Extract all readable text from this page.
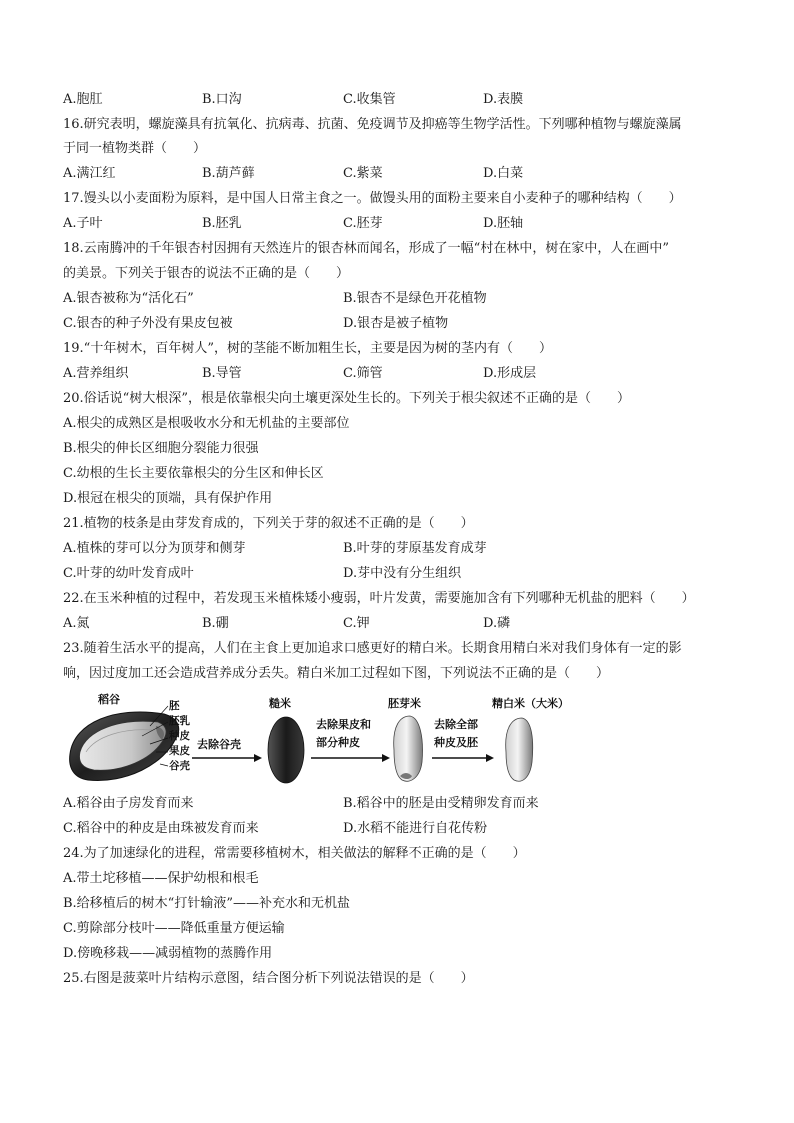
A.胞肛	B.口沟	C.收集管	D.表膜
16.研究表明，螺旋藻具有抗氧化、抗病毒、抗菌、免疫调节及抑癌等生物学活性。下列哪种植物与螺旋藻属
于同一植物类群（　　）
A.满江红	B.葫芦藓	C.紫菜	D.白菜
17.馒头以小麦面粉为原料，是中国人日常主食之一。做馒头用的面粉主要来自小麦种子的哪种结构（　　）
A.子叶	B.胚乳	C.胚芽	D.胚轴
18.云南腾冲的千年银杏村因拥有天然连片的银杏林而闻名，形成了一幅“村在林中，树在家中，人在画中”
的美景。下列关于银杏的说法不正确的是（　　）
A.银杏被称为“活化石”	B.银杏不是绿色开花植物
C.银杏的种子外没有果皮包被	D.银杏是被子植物
19.“十年树木，百年树人”，树的茎能不断加粗生长，主要是因为树的茎内有（　　）
A.营养组织	B.导管	C.筛管	D.形成层
20.俗话说“树大根深”，根是依靠根尖向土壤更深处生长的。下列关于根尖叙述不正确的是（　　）
A.根尖的成熟区是根吸收水分和无机盐的主要部位
B.根尖的伸长区细胞分裂能力很强
C.幼根的生长主要依靠根尖的分生区和伸长区
D.根冠在根尖的顶端，具有保护作用
21.植物的枝条是由芽发育成的，下列关于芽的叙述不正确的是（　　）
A.植株的芽可以分为顶芽和侧芽	B.叶芽的芽原基发育成芽
C.叶芽的幼叶发育成叶	D.芽中没有分生组织
22.在玉米种植的过程中，若发现玉米植株矮小瘦弱，叶片发黄，需要施加含有下列哪种无机盐的肥料（　　）
A.氮	B.硼	C.钾	D.磷
23.随着生活水平的提高，人们在主食上更加追求口感更好的精白米。长期食用精白米对我们身体有一定的影
响，因过度加工还会造成营养成分丢失。精白米加工过程如下图，下列说法不正确的是（　　）
稻谷	胚
胚乳
种皮
果皮
谷壳
去除谷壳
糙米
去除果皮和
部分种皮
胚芽米
去除全部
种皮及胚
精白米（大米）
A.稻谷由子房发育而来	B.稻谷中的胚是由受精卵发育而来
C.稻谷中的种皮是由珠被发育而来	D.水稻不能进行自花传粉
24.为了加速绿化的进程，常需要移植树木，相关做法的解释不正确的是（　　）
A.带土坨移植——保护幼根和根毛
B.给移植后的树木“打针输液”——补充水和无机盐
C.剪除部分枝叶——降低重量方便运输
D.傍晚移栽——减弱植物的蒸腾作用
25.右图是菠菜叶片结构示意图，结合图分析下列说法错误的是（　　）
